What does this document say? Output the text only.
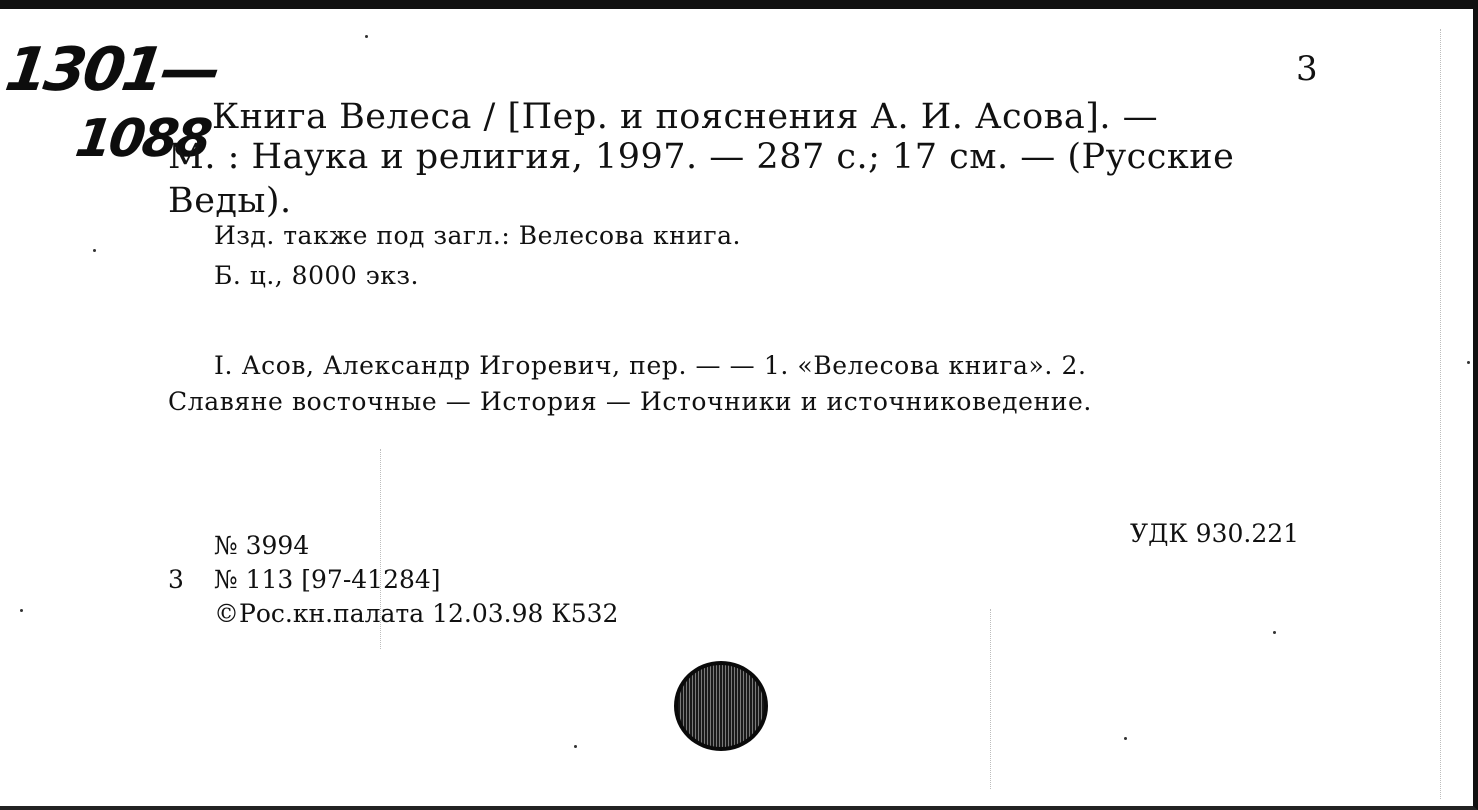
1301—
1088
3
Книга Велеса / [Пер. и пояснения А. И. Асова]. —
М. : Наука и религия, 1997. — 287 с.; 17 см. — (Русские
Веды).
Изд. также под загл.: Велесова книга.
Б. ц., 8000 экз.
I. Асов, Александр Игоревич, пер. — — 1. «Велесова книга». 2.
Славяне восточные — История — Источники и источниковедение.
№ 3994
3 № 113 [97-41284]
©Рос.кн.палата 12.03.98 К532
УДК 930.221
